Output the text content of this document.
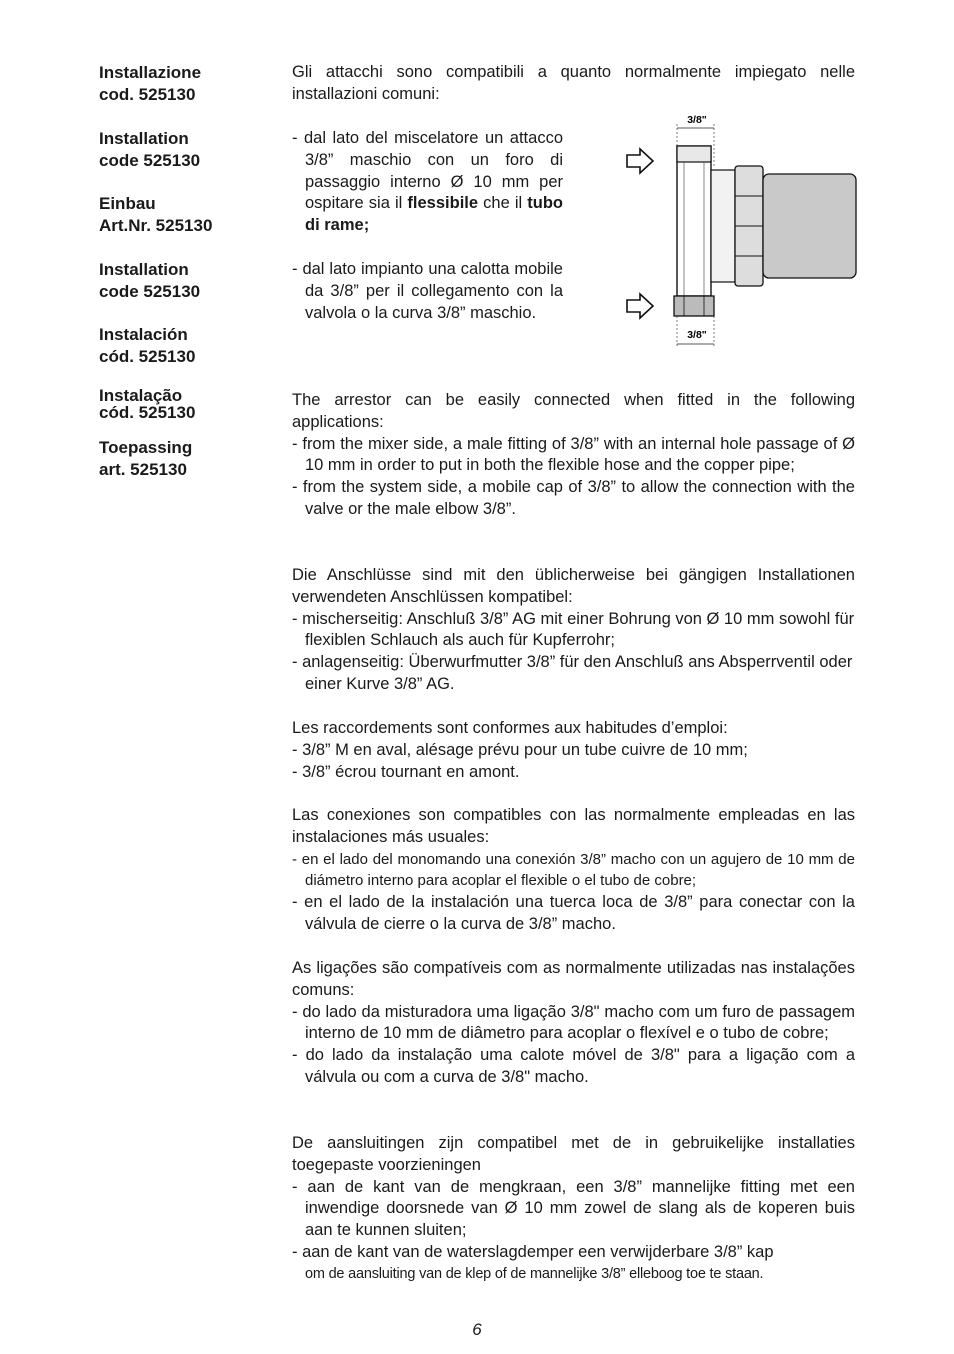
Installazione
cod. 525130
Installation
code 525130
Einbau
Art.Nr. 525130
Installation
code 525130
Instalación
cód. 525130
Instalação
cód. 525130
Toepassing
art. 525130

Gli attacchi sono compatibili a quanto normalmente impiegato nelle installazioni comuni:

- dal lato del miscelatore un attacco 3/8” maschio con un foro di passaggio interno Ø 10 mm per ospitare sia il flessibile che il tubo di rame;

- dal lato impianto una calotta mobile da 3/8” per il collegamento con la valvola o la curva 3/8” maschio.

3/8"
3/8"

The arrestor can be easily connected when fitted in the following applications:

- from the mixer side, a male fitting of 3/8” with an internal hole passage of Ø 10 mm in order to put in both the flexible hose and the copper pipe;

- from the system side, a mobile cap of 3/8” to allow the connection with the valve or the male elbow 3/8”.

Die Anschlüsse sind mit den üblicherweise bei gängigen Installationen verwendeten Anschlüssen kompatibel:

- mischerseitig: Anschluß 3/8” AG mit einer Bohrung von Ø 10 mm sowohl für flexiblen Schlauch als auch für Kupferrohr;

- anlagenseitig: Überwurfmutter 3/8” für den Anschluß ans Absperrventil oder einer Kurve 3/8” AG.

Les raccordements sont conformes aux habitudes d’emploi:

- 3/8” M en aval, alésage prévu pour un tube cuivre de 10 mm;

- 3/8” écrou tournant en amont.

Las conexiones son compatibles con las normalmente empleadas en las instalaciones más usuales:

- en el lado del monomando una conexión 3/8” macho con un agujero de 10 mm de diámetro interno para acoplar el flexible o el tubo de cobre;

- en el lado de la instalación una tuerca loca de 3/8” para conectar con la válvula de cierre o la curva de 3/8” macho.

As ligações são compatíveis com as normalmente utilizadas nas instalações comuns:

- do lado da misturadora uma ligação 3/8" macho com um furo de passagem interno de 10 mm de diâmetro para acoplar o flexível e o tubo de cobre;

- do lado da instalação uma calote móvel de 3/8" para a ligação com a válvula ou com a curva de 3/8" macho.

De aansluitingen zijn compatibel met de in gebruikelijke installaties toegepaste voorzieningen

- aan de kant van de mengkraan, een 3/8” mannelijke fitting met een inwendige doorsnede van Ø 10 mm zowel de slang als de koperen buis aan te kunnen sluiten;

- aan de kant van de waterslagdemper een verwijderbare 3/8” kap

om de aansluiting van de klep of de mannelijke 3/8” elleboog toe te staan.

6
